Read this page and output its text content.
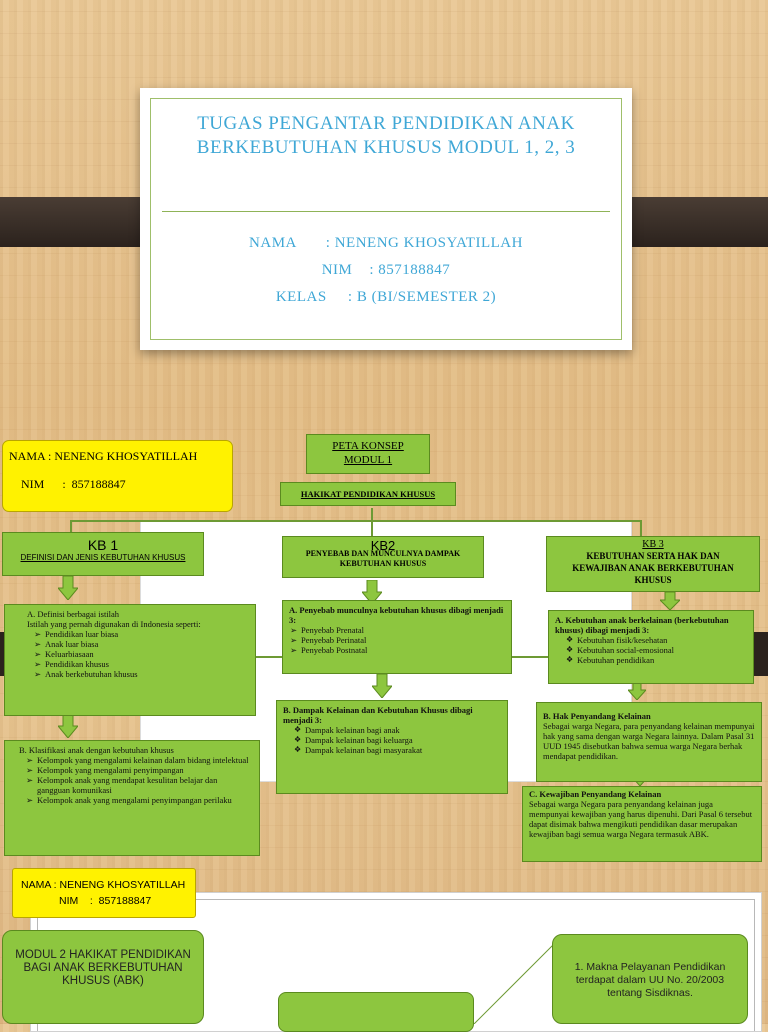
TUGAS PENGANTAR PENDIDIKAN ANAK
BERKEBUTUHAN KHUSUS MODUL 1, 2, 3
NAMA       : NENENG KHOSYATILLAH
NIM    : 857188847
KELAS     : B (BI/SEMESTER 2)
NAMA : NENENG KHOSYATILLAH
NIM      :  857188847
PETA KONSEP
MODUL 1
HAKIKAT PENDIDIKAN KHUSUS
KB 1
DEFINISI DAN JENIS KEBUTUHAN KHUSUS
KB2
PENYEBAB DAN MUNCULNYA DAMPAK KEBUTUHAN KHUSUS
KB 3
KEBUTUHAN SERTA HAK DAN KEWAJIBAN ANAK BERKEBUTUHAN KHUSUS
A. Definisi berbagai istilah
Istilah yang pernah digunakan di Indonesia seperti:
➢ Pendidikan luar biasa
➢ Anak luar biasa
➢ Keluarbiasaan
➢ Pendidikan khusus
➢ Anak berkebutuhan khusus
B. Klasifikasi anak dengan kebutuhan khusus
➢ Kelompok yang mengalami kelainan dalam bidang intelektual
➢ Kelompok yang mengalami penyimpangan
➢ Kelompok anak yang mendapat kesulitan belajar dan gangguan komunikasi
➢ Kelompok anak yang mengalami penyimpangan perilaku
A. Penyebab munculnya kebutuhan khusus dibagi menjadi 3:
➢ Penyebab Prenatal
➢ Penyebab Perinatal
➢ Penyebab Postnatal
B. Dampak Kelainan dan Kebutuhan Khusus dibagi menjadi 3:
❖ Dampak kelainan bagi anak
❖ Dampak kelainan bagi keluarga
❖ Dampak kelainan bagi masyarakat
A. Kebutuhan anak berkelainan (berkebutuhan khusus) dibagi menjadi 3:
❖ Kebutuhan fisik/kesehatan
❖ Kebutuhan social-emosional
❖ Kebutuhan pendidikan
B. Hak Penyandang Kelainan
Sebagai warga Negara, para penyandang kelainan mempunyai hak yang sama dengan warga Negara lainnya. Dalam Pasal 31 UUD 1945 disebutkan bahwa semua warga Negara berhak mendapat pendidikan.
C. Kewajiban Penyandang Kelainan
Sebagai warga Negara para penyandang kelainan juga mempunyai kewajiban yang harus dipenuhi. Dari Pasal 6 tersebut dapat disimak bahwa mengikuti pendidikan dasar merupakan kewajiban bagi semua warga Negara termasuk ABK.
NAMA : NENENG KHOSYATILLAH
NIM    :  857188847
MODUL 2 HAKIKAT PENDIDIKAN BAGI ANAK BERKEBUTUHAN KHUSUS (ABK)
1. Makna Pelayanan Pendidikan terdapat dalam UU No. 20/2003 tentang Sisdiknas.
